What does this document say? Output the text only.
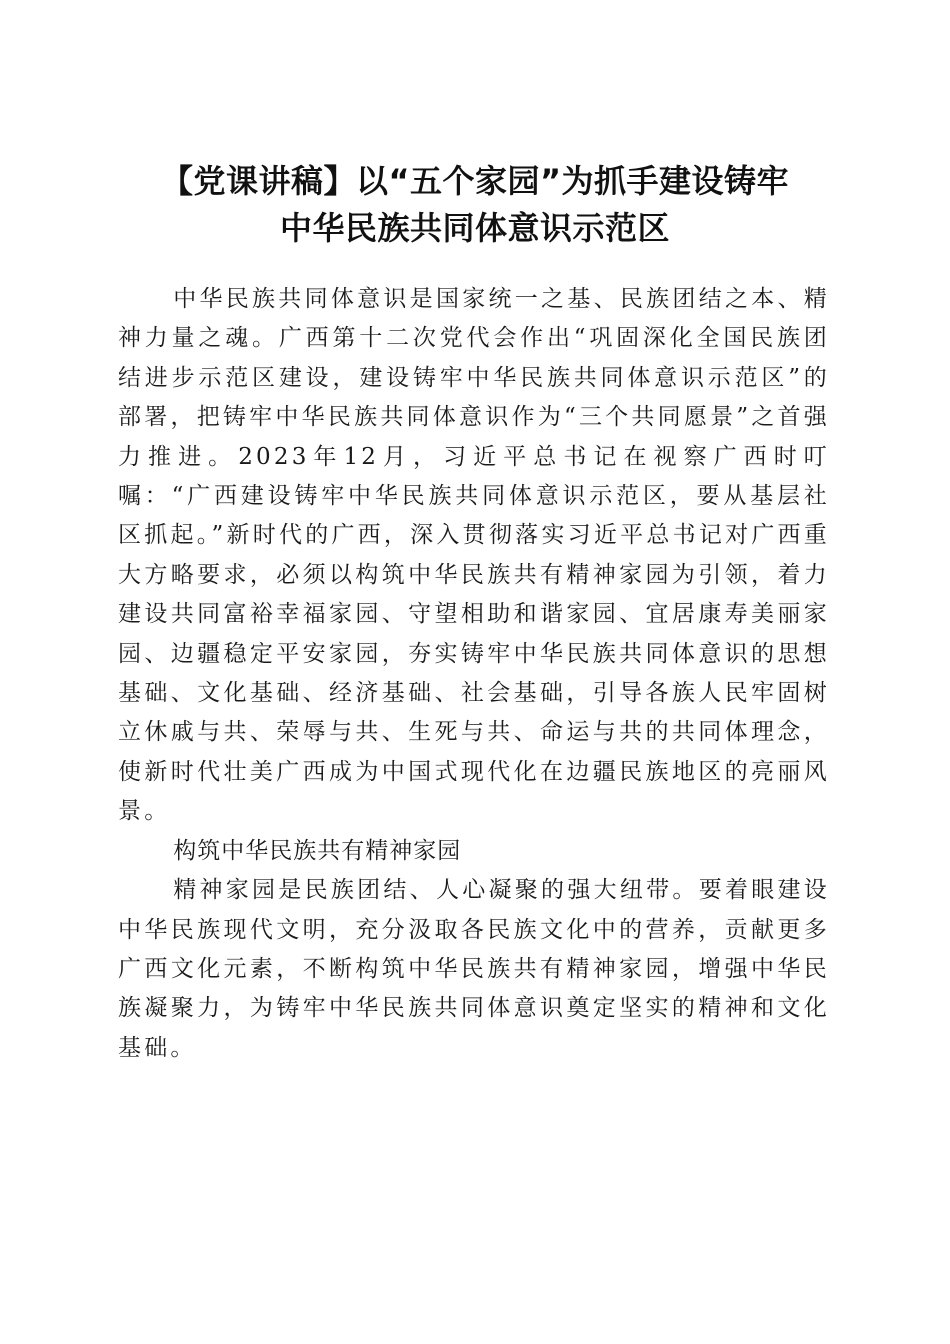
【党课讲稿】以“五个家园”为抓手建设铸牢
中华民族共同体意识示范区

中华民族共同体意识是国家统一之基、民族团结之本、精神力量之魂。广西第十二次党代会作出“巩固深化全国民族团结进步示范区建设，建设铸牢中华民族共同体意识示范区”的部署，把铸牢中华民族共同体意识作为“三个共同愿景”之首强力推进。2023年12月，习近平总书记在视察广西时叮嘱：“广西建设铸牢中华民族共同体意识示范区，要从基层社区抓起。”新时代的广西，深入贯彻落实习近平总书记对广西重大方略要求，必须以构筑中华民族共有精神家园为引领，着力建设共同富裕幸福家园、守望相助和谐家园、宜居康寿美丽家园、边疆稳定平安家园，夯实铸牢中华民族共同体意识的思想基础、文化基础、经济基础、社会基础，引导各族人民牢固树立休戚与共、荣辱与共、生死与共、命运与共的共同体理念，使新时代壮美广西成为中国式现代化在边疆民族地区的亮丽风景。

构筑中华民族共有精神家园

精神家园是民族团结、人心凝聚的强大纽带。要着眼建设中华民族现代文明，充分汲取各民族文化中的营养，贡献更多广西文化元素，不断构筑中华民族共有精神家园，增强中华民族凝聚力，为铸牢中华民族共同体意识奠定坚实的精神和文化基础。
